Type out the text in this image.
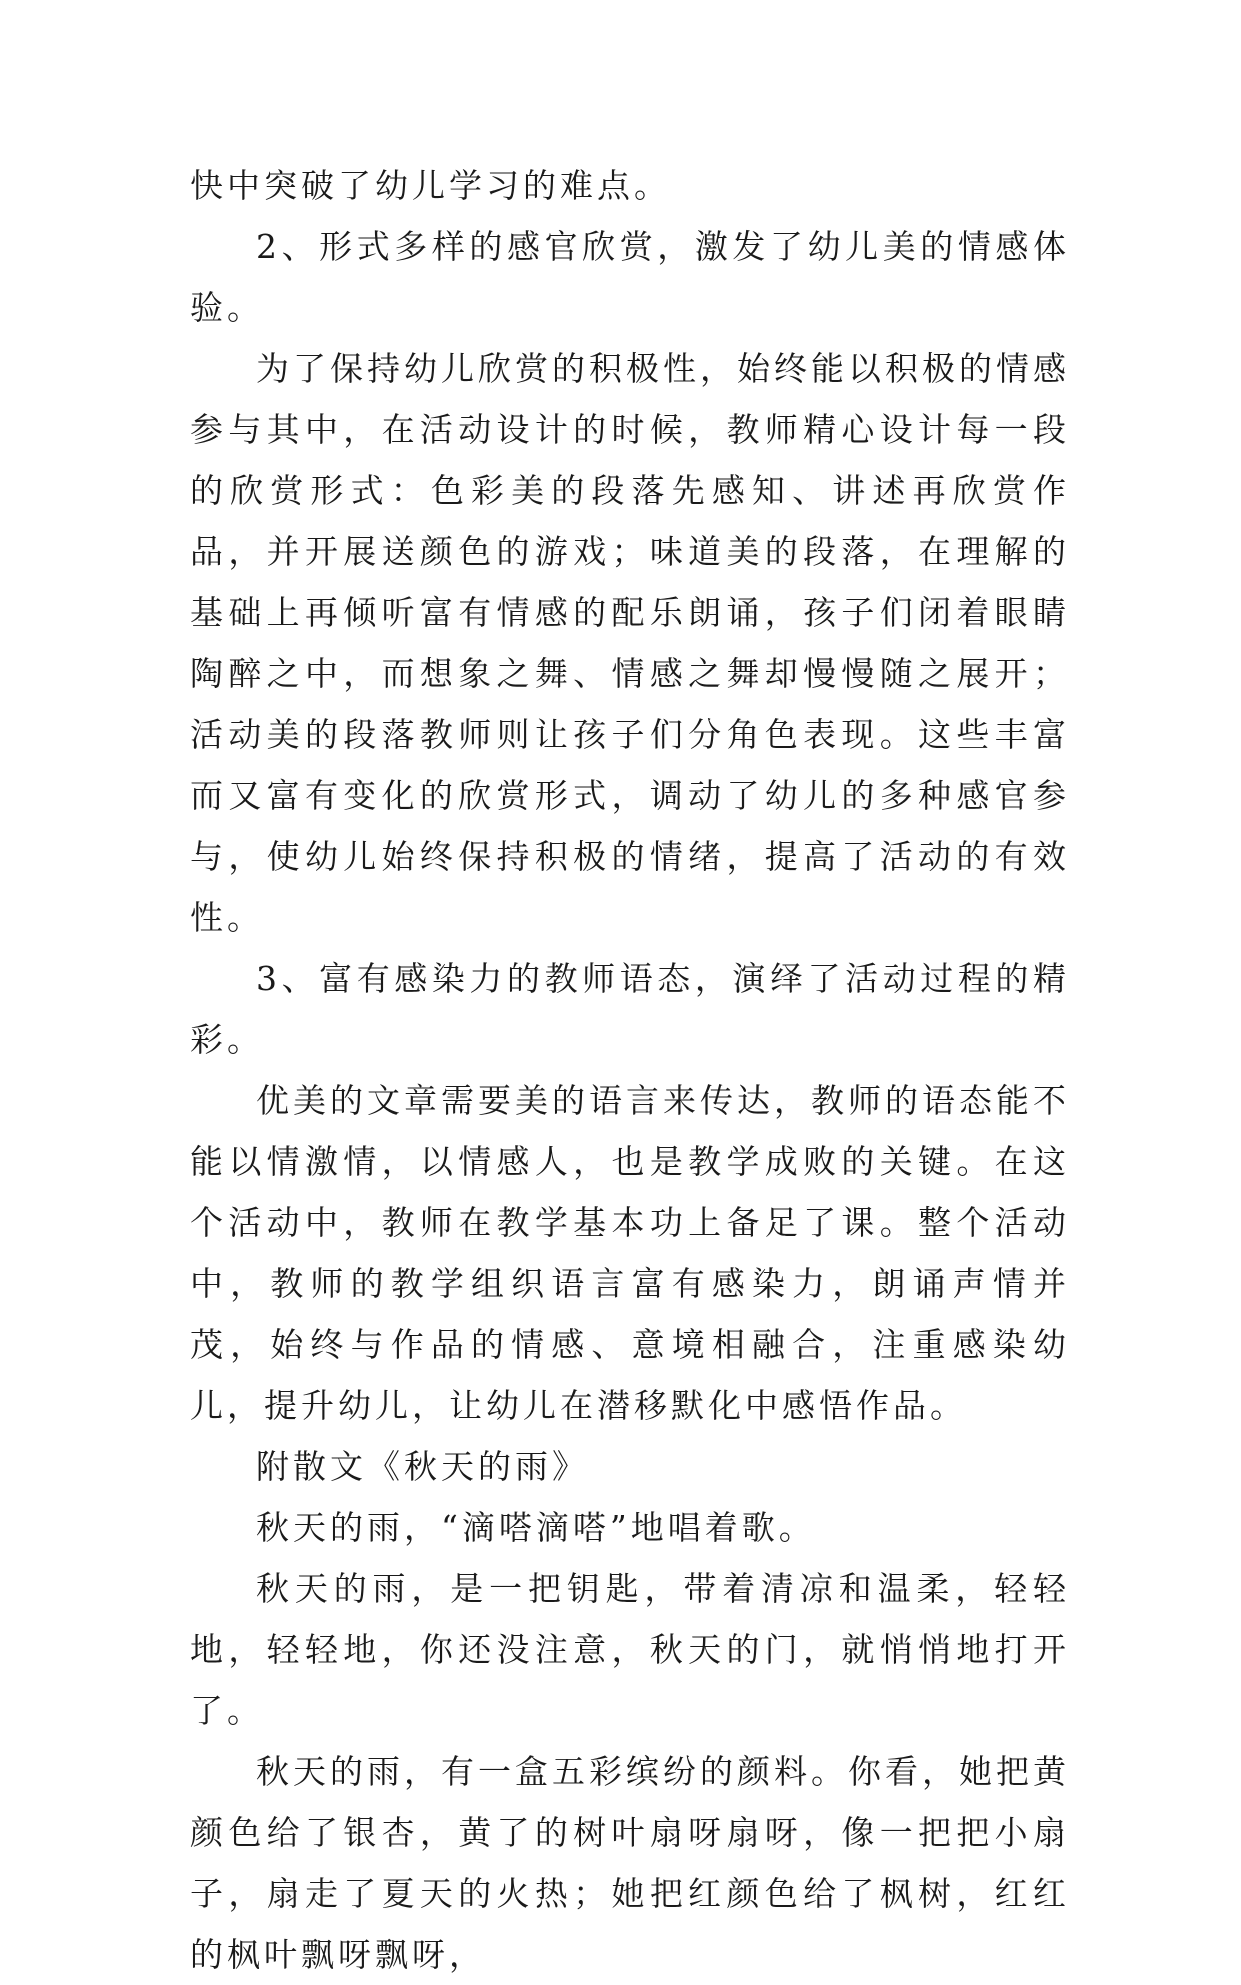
快中突破了幼儿学习的难点。

2、形式多样的感官欣赏，激发了幼儿美的情感体验。

为了保持幼儿欣赏的积极性，始终能以积极的情感参与其中，在活动设计的时候，教师精心设计每一段的欣赏形式：色彩美的段落先感知、讲述再欣赏作品，并开展送颜色的游戏；味道美的段落，在理解的基础上再倾听富有情感的配乐朗诵，孩子们闭着眼睛陶醉之中，而想象之舞、情感之舞却慢慢随之展开；活动美的段落教师则让孩子们分角色表现。这些丰富而又富有变化的欣赏形式，调动了幼儿的多种感官参与，使幼儿始终保持积极的情绪，提高了活动的有效性。

3、富有感染力的教师语态，演绎了活动过程的精彩。

优美的文章需要美的语言来传达，教师的语态能不能以情激情，以情感人，也是教学成败的关键。在这个活动中，教师在教学基本功上备足了课。整个活动中，教师的教学组织语言富有感染力，朗诵声情并茂，始终与作品的情感、意境相融合，注重感染幼儿，提升幼儿，让幼儿在潜移默化中感悟作品。

附散文《秋天的雨》

秋天的雨，“滴嗒滴嗒”地唱着歌。

秋天的雨，是一把钥匙，带着清凉和温柔，轻轻地，轻轻地，你还没注意，秋天的门，就悄悄地打开了。

秋天的雨，有一盒五彩缤纷的颜料。你看，她把黄颜色给了银杏，黄了的树叶扇呀扇呀，像一把把小扇子，扇走了夏天的火热；她把红颜色给了枫树，红红的枫叶飘呀飘呀，
